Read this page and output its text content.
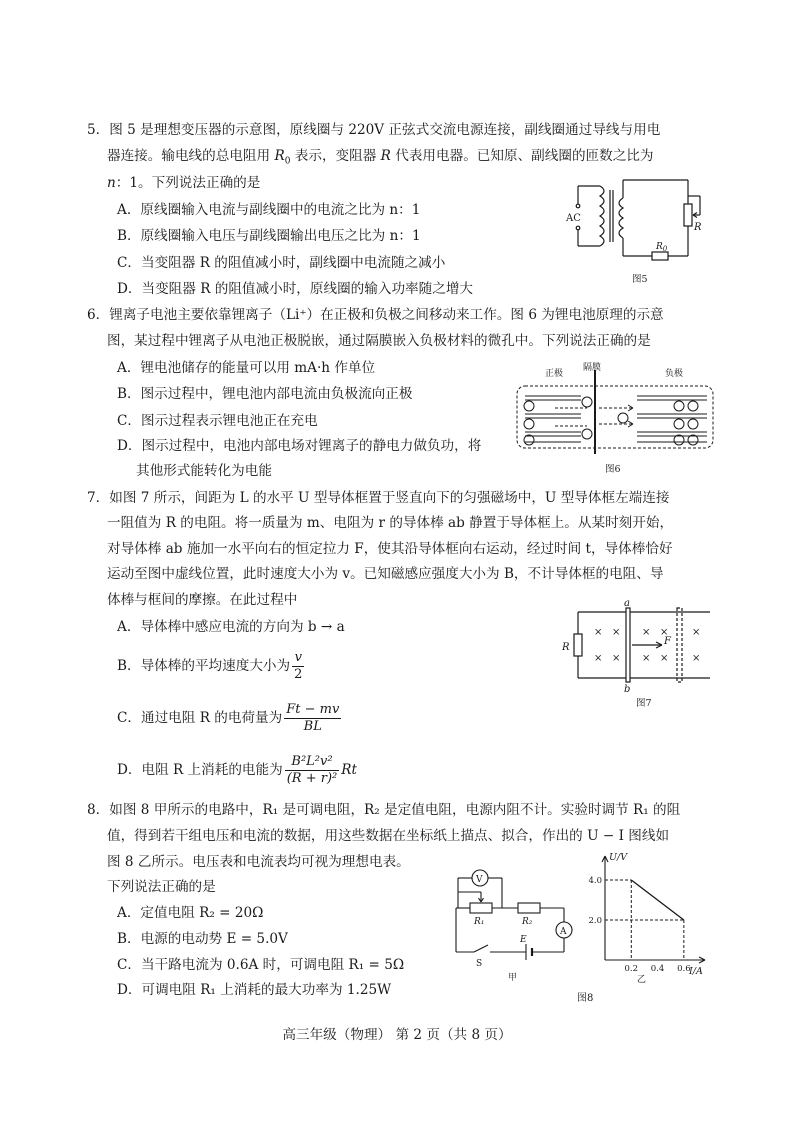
5．图 5 是理想变压器的示意图，原线圈与 220V 正弦式交流电源连接，副线圈通过导线与用电
器连接。输电线的总电阻用 $R_0$ 表示，变阻器 R 代表用电器。已知原、副线圈的匝数之比为
n：1。下列说法正确的是
A．原线圈输入电流与副线圈中的电流之比为 n：1
B．原线圈输入电压与副线圈输出电压之比为 n：1
C．当变阻器 R 的阻值减小时，副线圈中电流随之减小
D．当变阻器 R 的阻值减小时，原线圈的输入功率随之增大
AC
R
$R_0$
图5
6．锂离子电池主要依靠锂离子（Li⁺）在正极和负极之间移动来工作。图 6 为锂电池原理的示意
图，某过程中锂离子从电池正极脱嵌，通过隔膜嵌入负极材料的微孔中。下列说法正确的是
A．锂电池储存的能量可以用 mA·h 作单位
B．图示过程中，锂电池内部电流由负极流向正极
C．图示过程表示锂电池正在充电
D．图示过程中，电池内部电场对锂离子的静电力做负功，将
其他形式能转化为电能
正极
隔膜
负极
图6
7．如图 7 所示，间距为 L 的水平 U 型导体框置于竖直向下的匀强磁场中，U 型导体框左端连接
一阻值为 R 的电阻。将一质量为 m、电阻为 r 的导体棒 ab 静置于导体框上。从某时刻开始，
对导体棒 ab 施加一水平向右的恒定拉力 F，使其沿导体框向右运动，经过时间 t，导体棒恰好
运动至图中虚线位置，此时速度大小为 v。已知磁感应强度大小为 B，不计导体框的电阻、导
体棒与框间的摩擦。在此过程中
A．导体棒中感应电流的方向为 b → a
B．导体棒的平均速度大小为 $\frac{v}{2}$
C．通过电阻 R 的电荷量为 $\frac{Ft - mv}{BL}$
D．电阻 R 上消耗的电能为 $\frac{\text{B²L²v²}}{\text{(R + r)²}}$ Rt
× × × × ×
× × × × ×
a
b
R
F
图7
8．如图 8 甲所示的电路中，R₁ 是可调电阻，R₂ 是定值电阻，电源内阻不计。实验时调节 R₁ 的阻
值，得到若干组电压和电流的数据，用这些数据在坐标纸上描点、拟合，作出的 U − I 图线如
图 8 乙所示。电压表和电流表均可视为理想电表。
下列说法正确的是
A．定值电阻 R₂ = 20Ω
B．电源的电动势 E = 5.0V
C．当干路电流为 0.6A 时，可调电阻 R₁ = 5Ω
D．可调电阻 R₁ 上消耗的最大功率为 1.25W
V
A
R₁	R₂
S
E
甲
2.0
4.0
0.2 0.4 0.6
U/V
I/A
乙
图8
高三年级（物理） 第 2 页（共 8 页）
